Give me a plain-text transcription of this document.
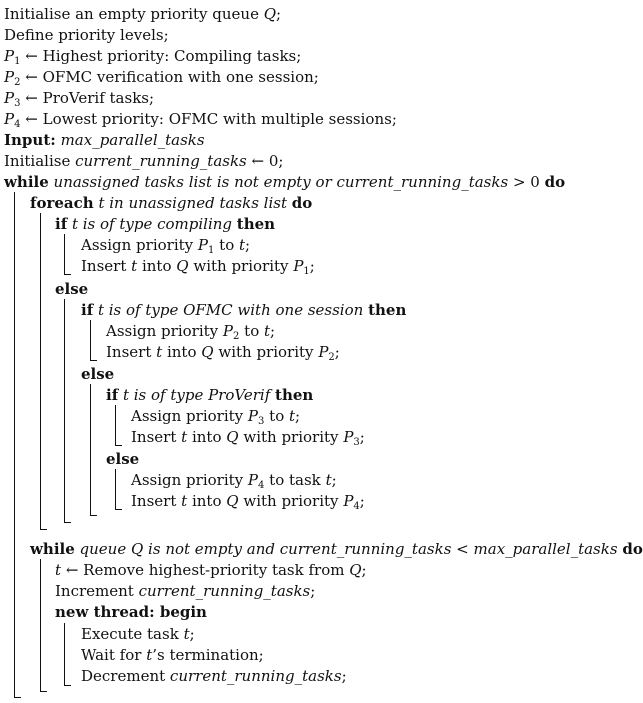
Initialise an empty priority queue Q;
Define priority levels;
$P_1$ ← Highest priority: Compiling tasks;
$P_2$ ← OFMC verification with one session;
$P_3$ ← ProVerif tasks;
$P_4$ ← Lowest priority: OFMC with multiple sessions;
Input: max_parallel_tasks
Initialise current_running_tasks ← 0;
while unassigned tasks list is not empty or current_running_tasks > 0 do
foreach t in unassigned tasks list do
if t is of type compiling then
Assign priority $P_1$ to t;
Insert t into Q with priority $P_1$;
else
if t is of type OFMC with one session then
Assign priority $P_2$ to t;
Insert t into Q with priority $P_2$;
else
if t is of type ProVerif then
Assign priority $P_3$ to t;
Insert t into Q with priority $P_3$;
else
Assign priority $P_4$ to task t;
Insert t into Q with priority $P_4$;
while queue Q is not empty and current_running_tasks < max_parallel_tasks do
t ← Remove highest-priority task from Q;
Increment current_running_tasks;
new thread: begin
Execute task t;
Wait for t’s termination;
Decrement current_running_tasks;
